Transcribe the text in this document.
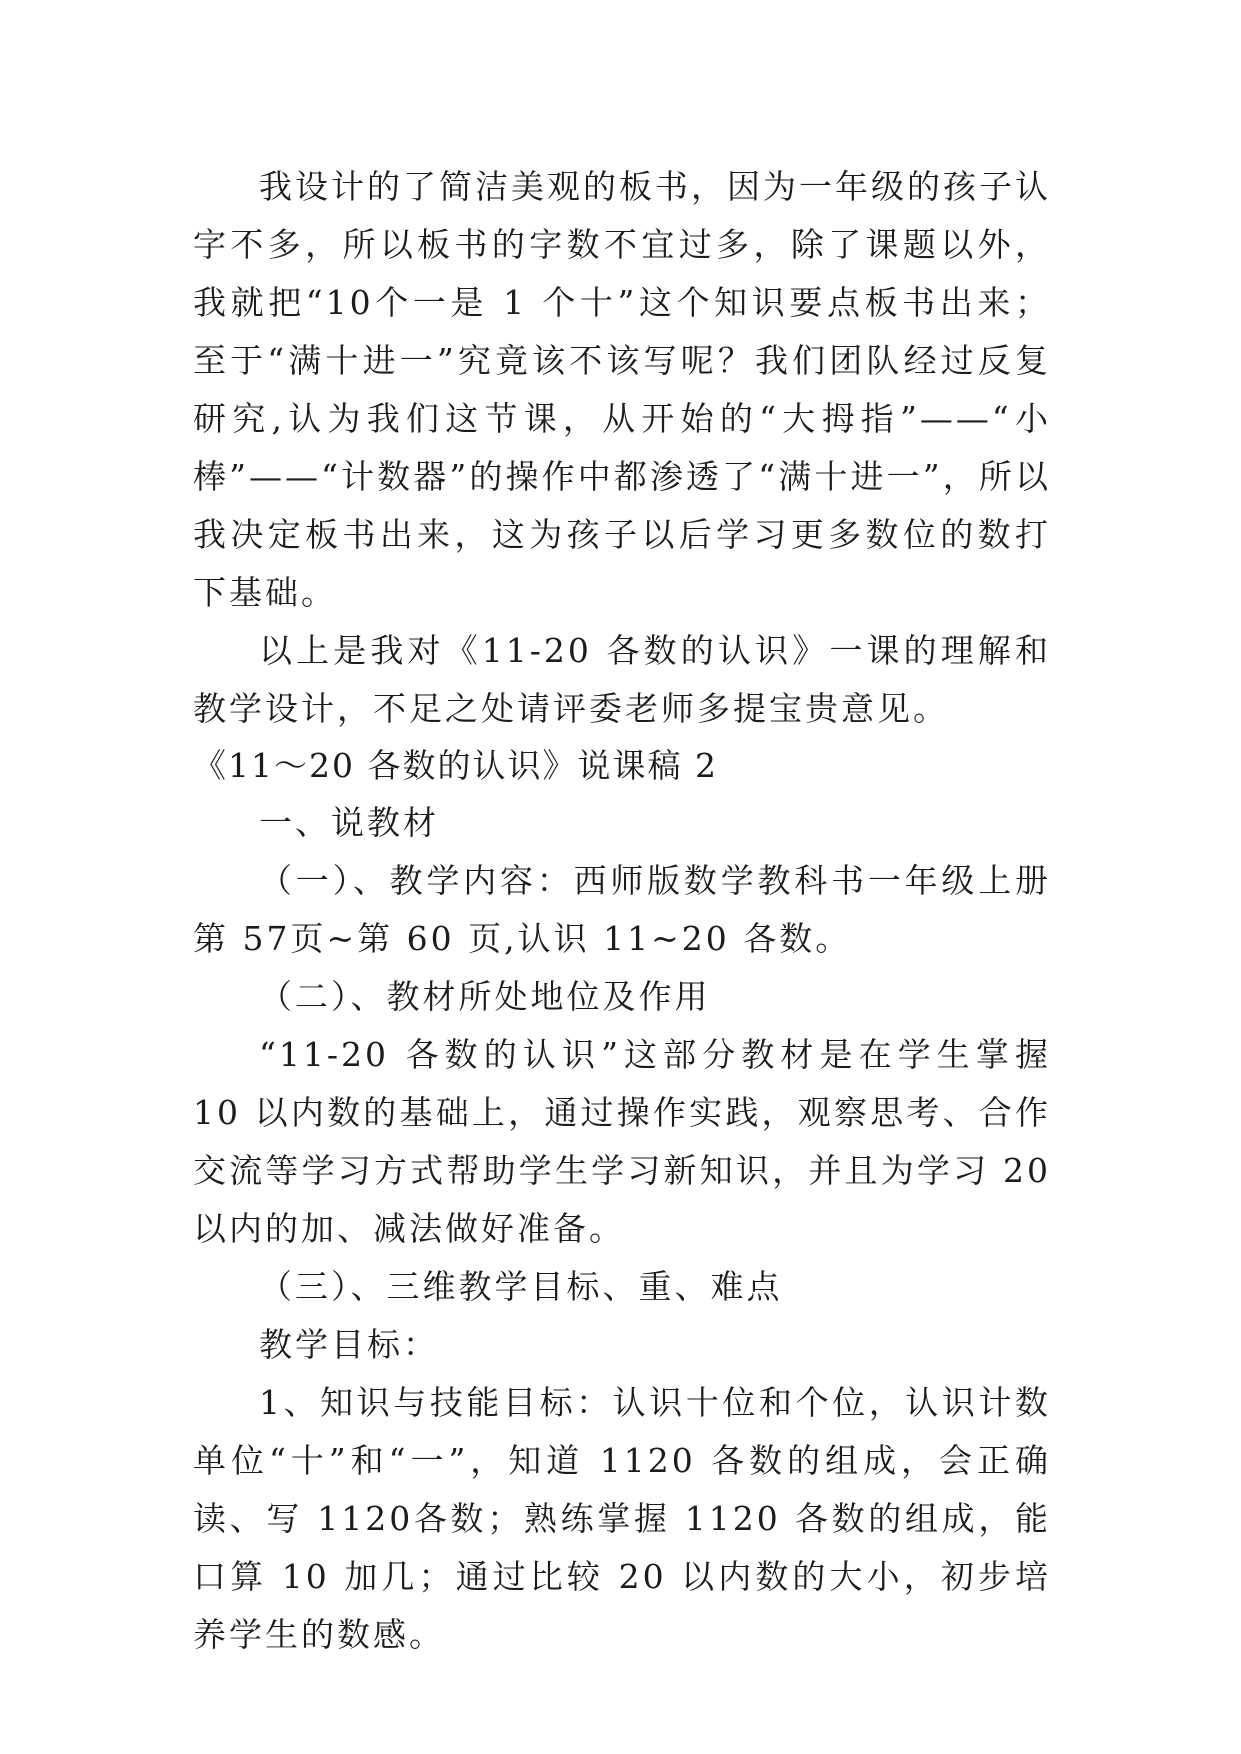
我设计的了简洁美观的板书，因为一年级的孩子认字不多，所以板书的字数不宜过多，除了课题以外，我就把“10个一是 1 个十”这个知识要点板书出来；至于“满十进一”究竟该不该写呢？我们团队经过反复研究,认为我们这节课，从开始的“大拇指”——“小棒”——“计数器”的操作中都渗透了“满十进一”，所以我决定板书出来，这为孩子以后学习更多数位的数打下基础。

以上是我对《11-20 各数的认识》一课的理解和教学设计，不足之处请评委老师多提宝贵意见。

《11～20 各数的认识》说课稿 2

一、说教材

（一）、教学内容：西师版数学教科书一年级上册第 57页~第 60 页,认识 11~20 各数。

（二）、教材所处地位及作用

“11-20 各数的认识”这部分教材是在学生掌握 10 以内数的基础上，通过操作实践，观察思考、合作交流等学习方式帮助学生学习新知识，并且为学习 20 以内的加、减法做好准备。

（三）、三维教学目标、重、难点

教学目标：

1、知识与技能目标：认识十位和个位，认识计数单位“十”和“一”，知道 1120 各数的组成，会正确读、写 1120各数；熟练掌握 1120 各数的组成，能口算 10 加几；通过比较 20 以内数的大小，初步培养学生的数感。
